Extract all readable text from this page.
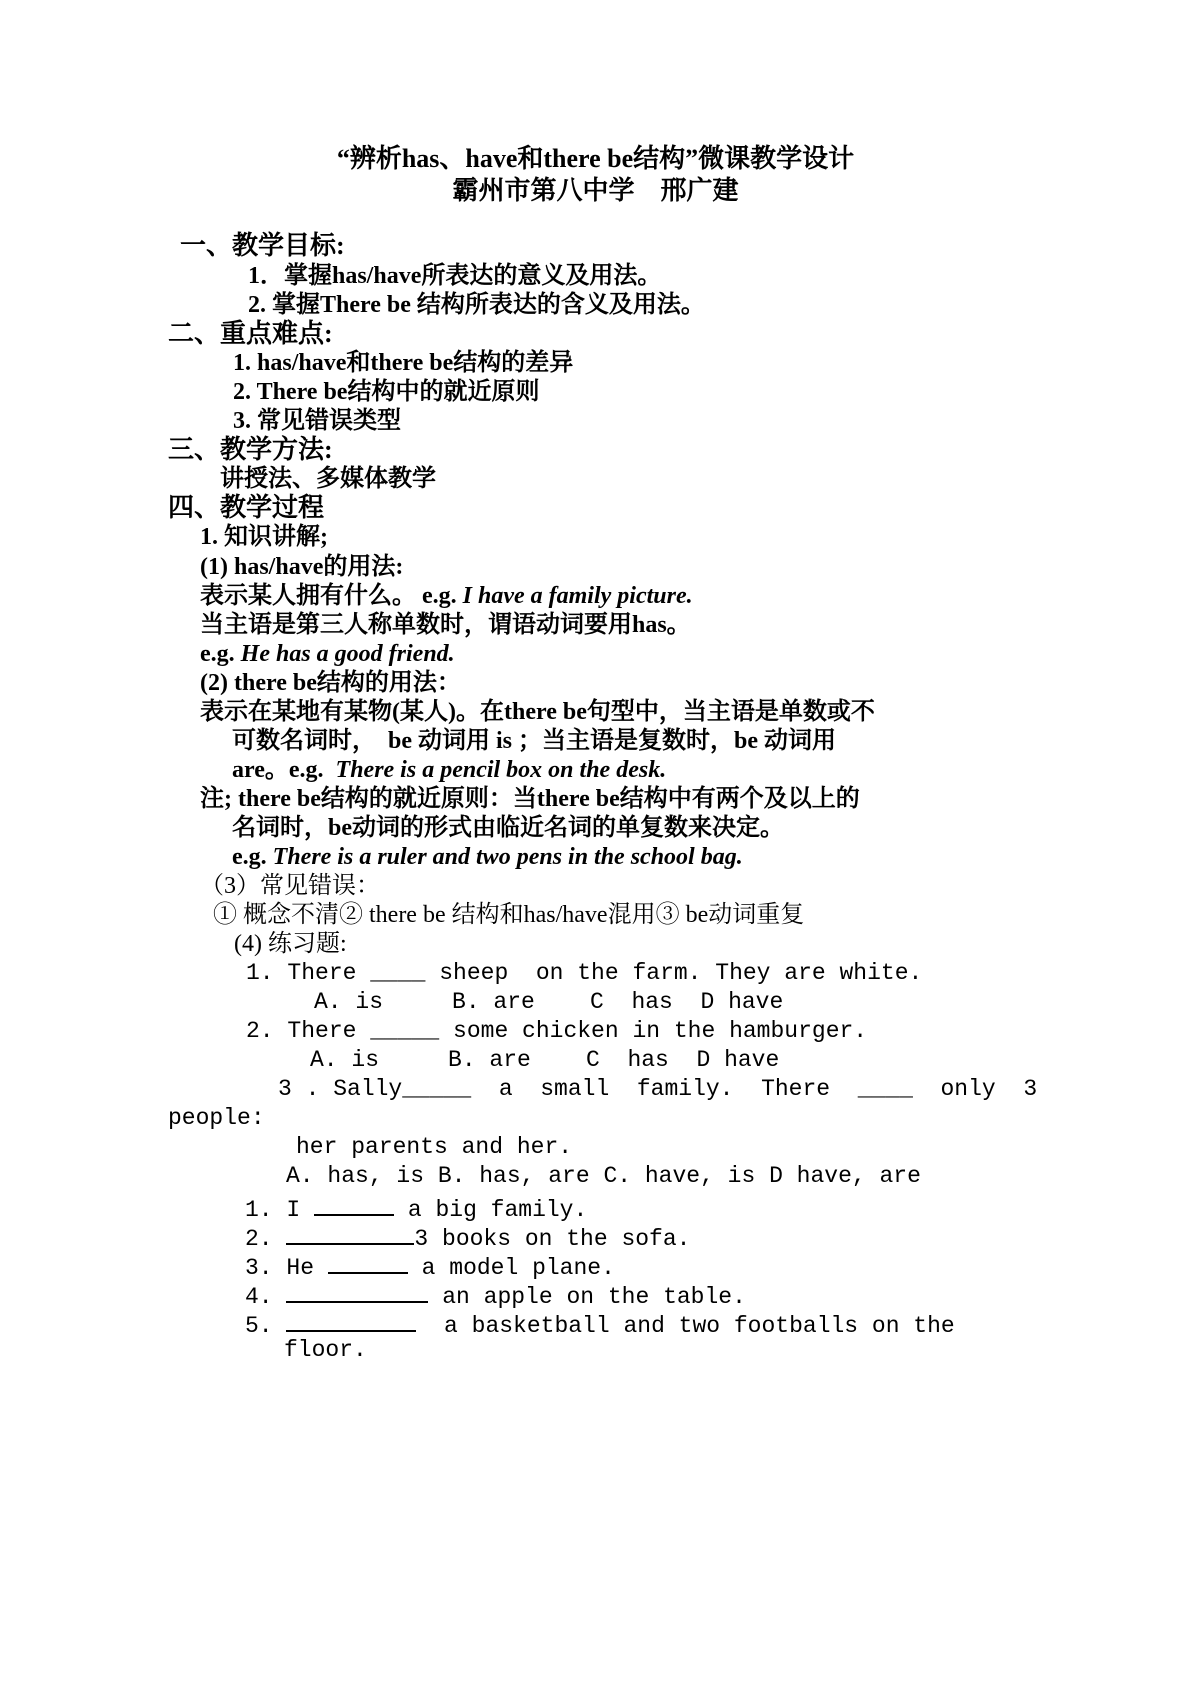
“辨析has、have和there be结构”微课教学设计
霸州市第八中学　邢广建
一、教学目标:
1．掌握has/have所表达的意义及用法。
2. 掌握There be 结构所表达的含义及用法。
二、重点难点:
1. has/have和there be结构的差异
2. There be结构中的就近原则
3. 常见错误类型
三、教学方法:
讲授法、多媒体教学
四、教学过程
1. 知识讲解;
(1) has/have的用法:
表示某人拥有什么。 e.g. I have a family picture.
当主语是第三人称单数时，谓语动词要用has。
e.g. He has a good friend.
(2) there be结构的用法：
表示在某地有某物(某人)。在there be句型中，当主语是单数或不
可数名词时，  be 动词用 is ；当主语是复数时，be 动词用
are。e.g. There is a pencil box on the desk.
注; there be结构的就近原则：当there be结构中有两个及以上的
名词时，be动词的形式由临近名词的单复数来决定。
e.g. There is a ruler and two pens in the school bag.
（3）常见错误：
① 概念不清② there be 结构和has/have混用③ be动词重复
(4) 练习题:
1. There ____ sheep  on the farm. They are white.
A. is     B. are    C  has  D have
2. There _____ some chicken in the hamburger.
A. is     B. are    C  has  D have
3 . Sally_____  a  small  family.  There  ____  only  3
people:
her parents and her.
A. has, is B. has, are C. have, is D have, are
1. I	a big family.
2.	3 books on the sofa.
3. He	a model plane.
4.	an apple on the table.
5.	a basketball and two footballs on the
floor.
